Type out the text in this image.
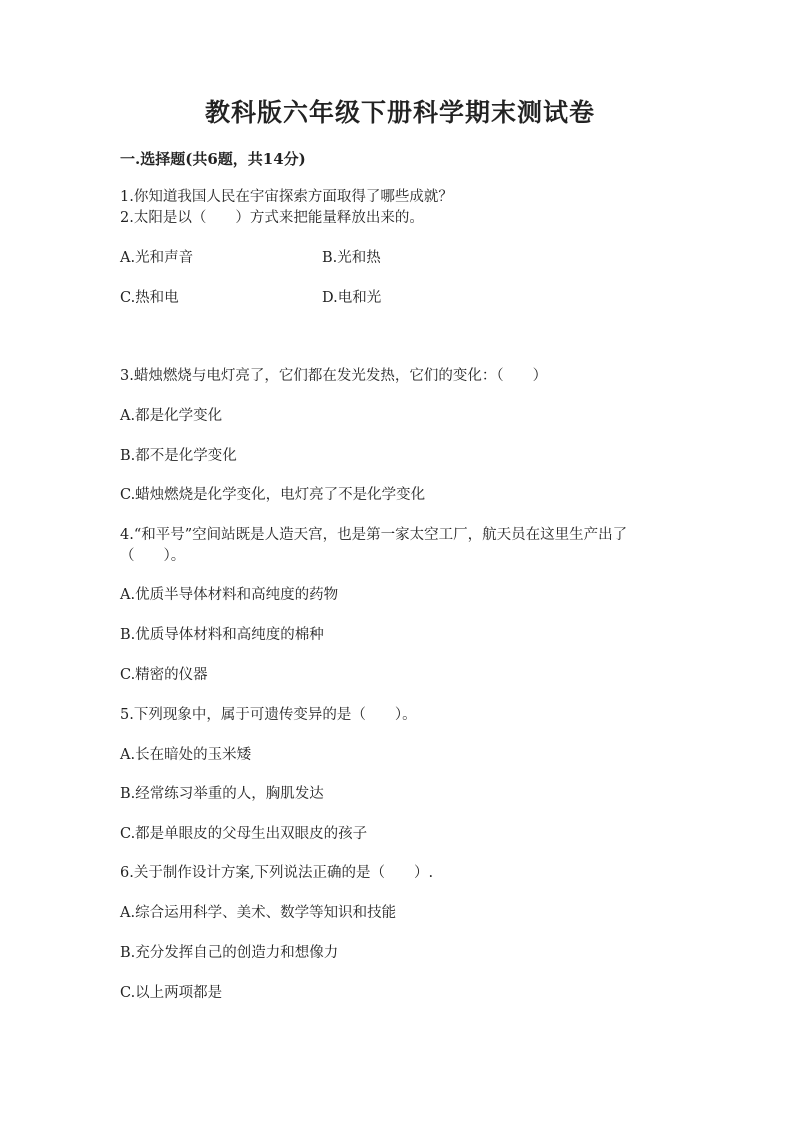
教科版六年级下册科学期末测试卷
一.选择题(共6题，共14分)
1.你知道我国人民在宇宙探索方面取得了哪些成就？
2.太阳是以（　　）方式来把能量释放出来的。
A.光和声音	B.光和热
C.热和电	D.电和光
3.蜡烛燃烧与电灯亮了，它们都在发光发热，它们的变化：（　　）
A.都是化学变化
B.都不是化学变化
C.蜡烛燃烧是化学变化，电灯亮了不是化学变化
4.“和平号”空间站既是人造天宫，也是第一家太空工厂，航天员在这里生产出了（　　）。
A.优质半导体材料和高纯度的药物
B.优质导体材料和高纯度的棉种
C.精密的仪器
5.下列现象中，属于可遗传变异的是（　　）。
A.长在暗处的玉米矮
B.经常练习举重的人，胸肌发达
C.都是单眼皮的父母生出双眼皮的孩子
6.关于制作设计方案,下列说法正确的是（　　）.
A.综合运用科学、美术、数学等知识和技能
B.充分发挥自己的创造力和想像力
C.以上两项都是
